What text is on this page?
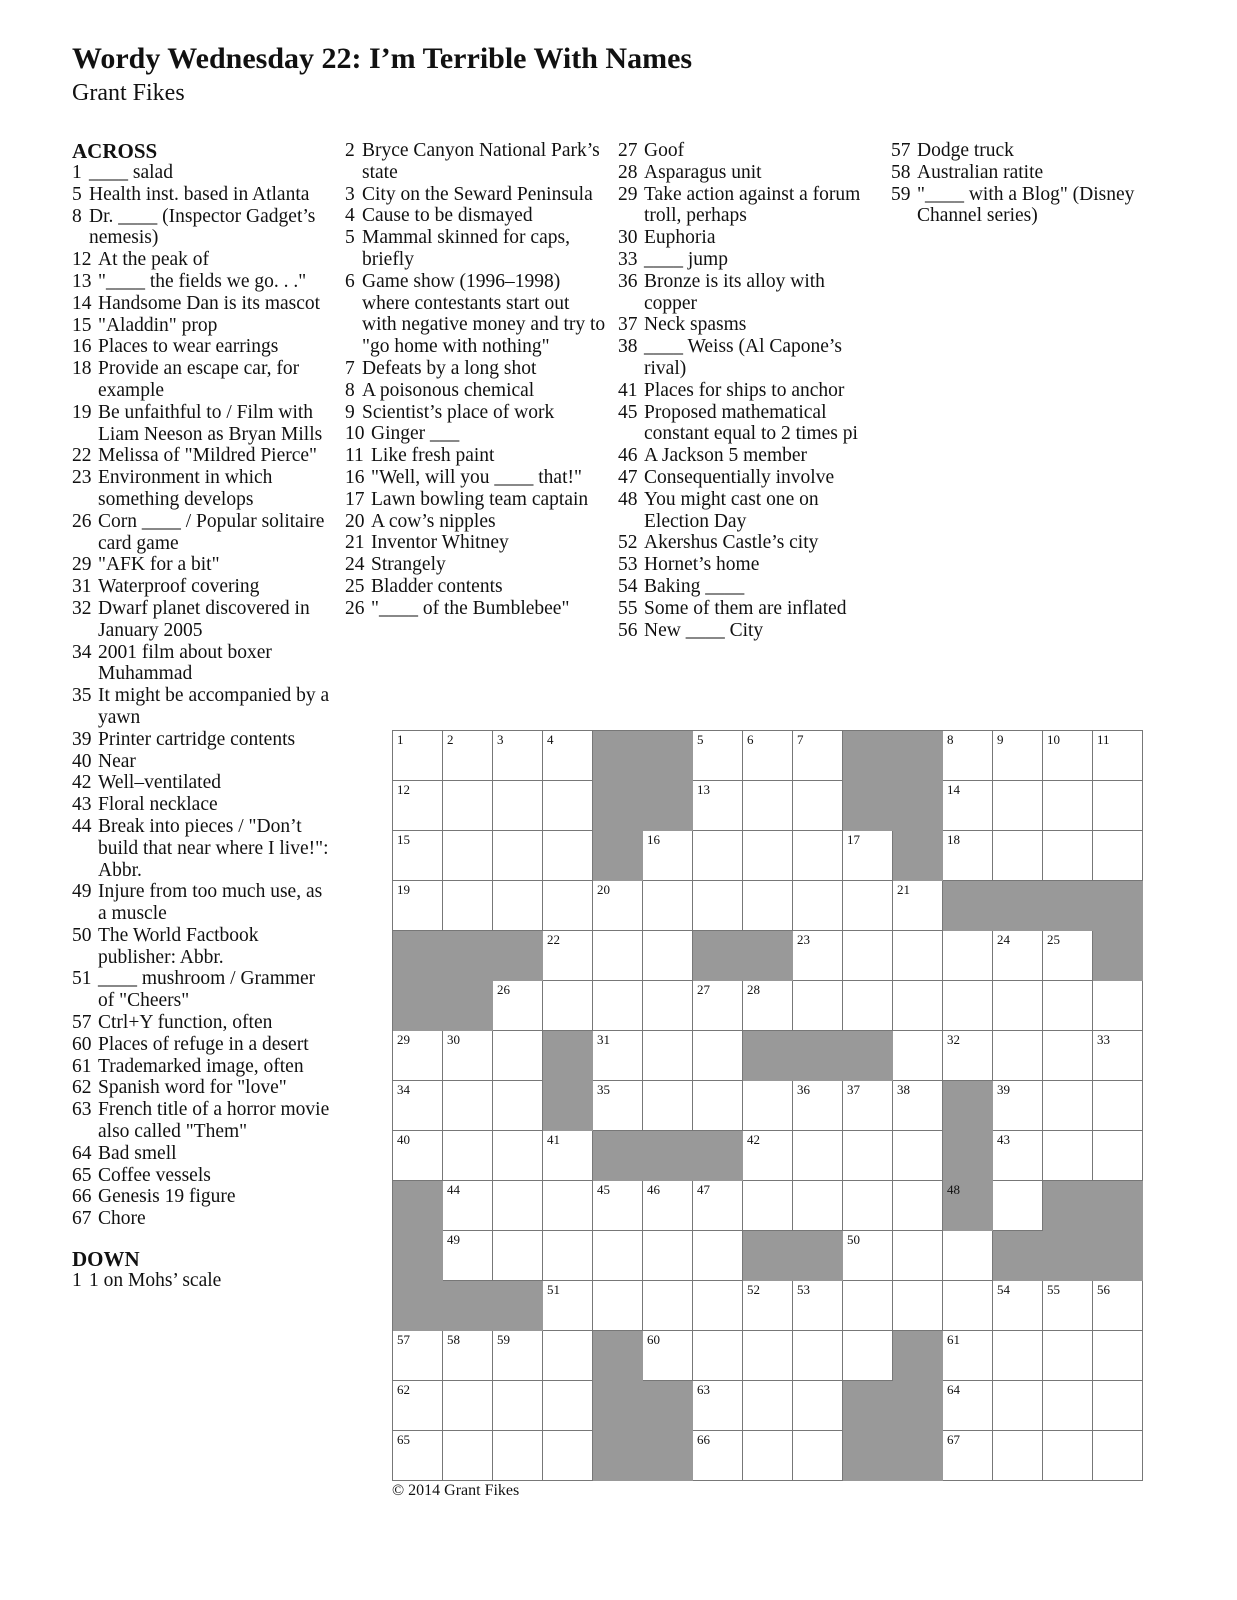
Wordy Wednesday 22: I’m Terrible With Names
Grant Fikes
ACROSS
1 ____ salad
5 Health inst. based in Atlanta
8 Dr. ____ (Inspector Gadget’s nemesis)
12 At the peak of
13 "____ the fields we go. . ."
14 Handsome Dan is its mascot
15 "Aladdin" prop
16 Places to wear earrings
18 Provide an escape car, for example
19 Be unfaithful to / Film with Liam Neeson as Bryan Mills
22 Melissa of "Mildred Pierce"
23 Environment in which something develops
26 Corn ____ / Popular solitaire card game
29 "AFK for a bit"
31 Waterproof covering
32 Dwarf planet discovered in January 2005
34 2001 film about boxer Muhammad
35 It might be accompanied by a yawn
39 Printer cartridge contents
40 Near
42 Well–ventilated
43 Floral necklace
44 Break into pieces / "Don’t build that near where I live!": Abbr.
49 Injure from too much use, as a muscle
50 The World Factbook publisher: Abbr.
51 ____ mushroom / Grammer of "Cheers"
57 Ctrl+Y function, often
60 Places of refuge in a desert
61 Trademarked image, often
62 Spanish word for "love"
63 French title of a horror movie also called "Them"
64 Bad smell
65 Coffee vessels
66 Genesis 19 figure
67 Chore
DOWN
1 1 on Mohs’ scale
2 Bryce Canyon National Park’s state
3 City on the Seward Peninsula
4 Cause to be dismayed
5 Mammal skinned for caps, briefly
6 Game show (1996–1998) where contestants start out with negative money and try to "go home with nothing"
7 Defeats by a long shot
8 A poisonous chemical
9 Scientist’s place of work
10 Ginger ___
11 Like fresh paint
16 "Well, will you ____ that!"
17 Lawn bowling team captain
20 A cow’s nipples
21 Inventor Whitney
24 Strangely
25 Bladder contents
26 "____ of the Bumblebee"
27 Goof
28 Asparagus unit
29 Take action against a forum troll, perhaps
30 Euphoria
33 ____ jump
36 Bronze is its alloy with copper
37 Neck spasms
38 ____ Weiss (Al Capone’s rival)
41 Places for ships to anchor
45 Proposed mathematical constant equal to 2 times pi
46 A Jackson 5 member
47 Consequentially involve
48 You might cast one on Election Day
52 Akershus Castle’s city
53 Hornet’s home
54 Baking ____
55 Some of them are inflated
56 New ____ City
57 Dodge truck
58 Australian ratite
59 "____ with a Blog" (Disney Channel series)
1	2	3	4	5	6	7	8	9	10	11
12	13	14
15	16	17	18
19	20	21
22	23	24	25
26	27	28
29	30	31	32	33
34	35	36	37	38	39
40	41	42	43
44	45	46	47	48
49	50
51	52	53	54	55	56
57	58	59	60	61
62	63	64
65	66	67
© 2014 Grant Fikes
